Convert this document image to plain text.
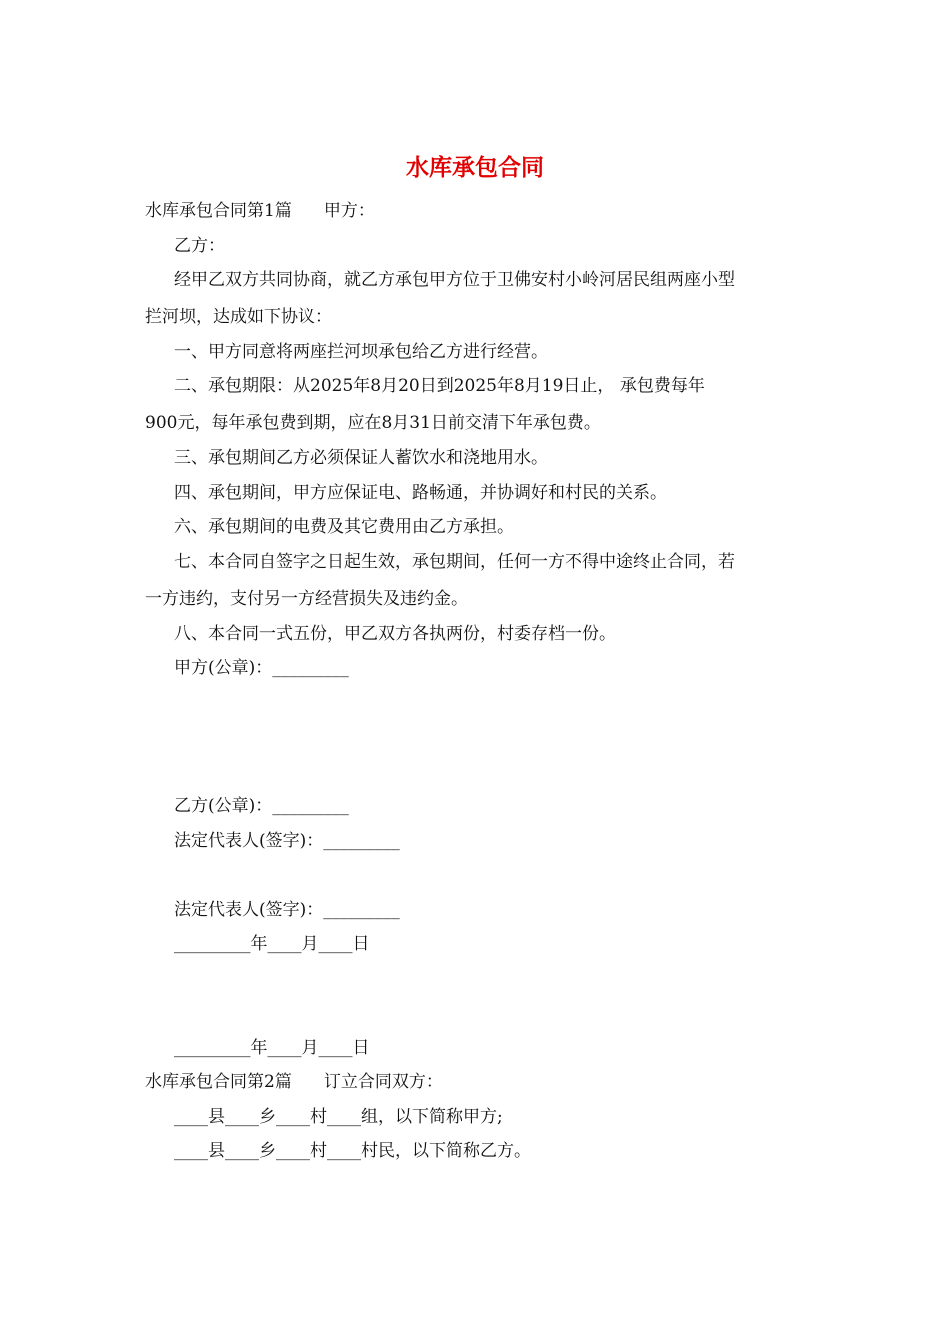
水库承包合同
水库承包合同第1篇 甲方：
乙方：
经甲乙双方共同协商，就乙方承包甲方位于卫佛安村小岭河居民组两座小型
拦河坝，达成如下协议：
一、甲方同意将两座拦河坝承包给乙方进行经营。
二、承包期限：从2025年8月20日到2025年8月19日止， 承包费每年
900元，每年承包费到期，应在8月31日前交清下年承包费。
三、承包期间乙方必须保证人蓄饮水和浇地用水。
四、承包期间，甲方应保证电、路畅通，并协调好和村民的关系。
六、承包期间的电费及其它费用由乙方承担。
七、本合同自签字之日起生效，承包期间，任何一方不得中途终止合同，若
一方违约，支付另一方经营损失及违约金。
八、本合同一式五份，甲乙双方各执两份，村委存档一份。
甲方(公章)：_________
乙方(公章)：_________
法定代表人(签字)：_________
法定代表人(签字)：_________
_________年____月____日
_________年____月____日
水库承包合同第2篇 订立合同双方：
____县____乡____村____组，以下简称甲方;
____县____乡____村____村民，以下简称乙方。
